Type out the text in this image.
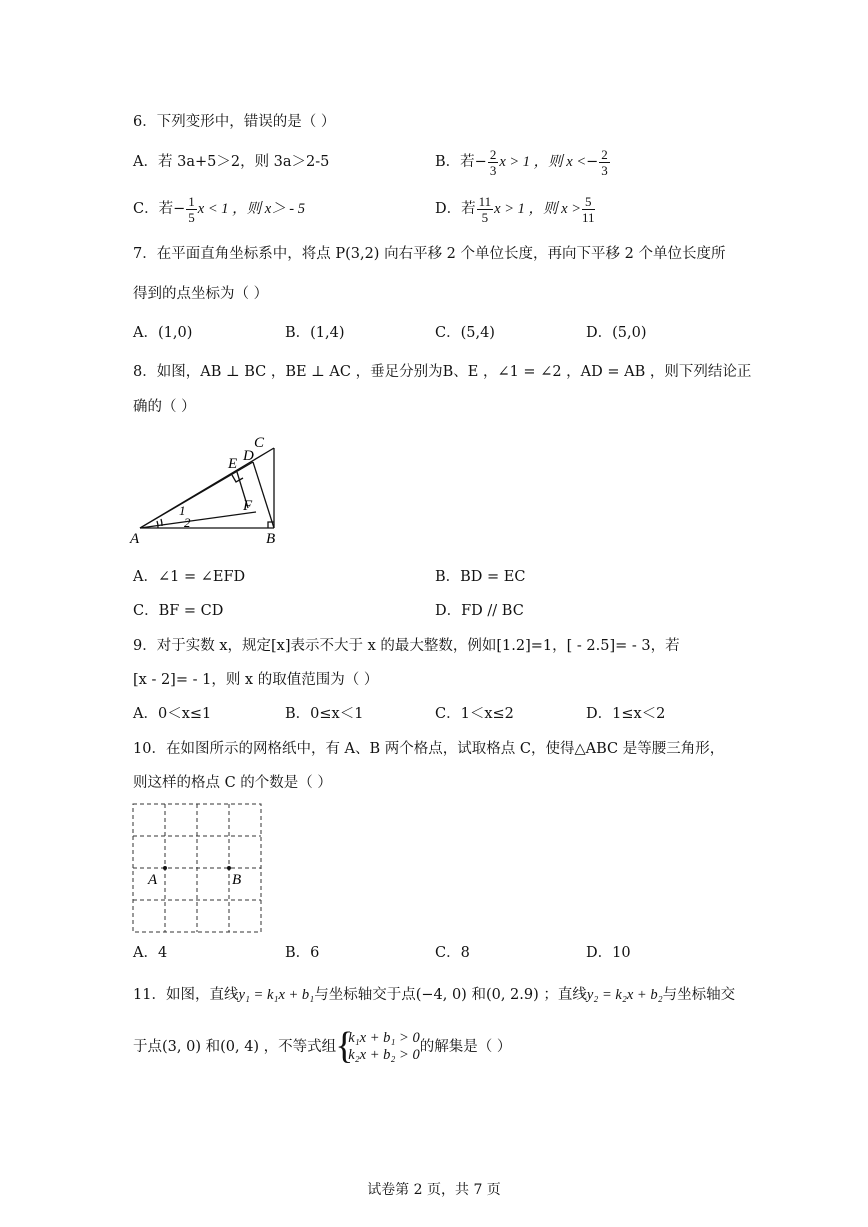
6．下列变形中，错误的是（ ）
A．若 3a+5＞2，则 3a＞2-5	B．若− $\frac{2}{3}$ x > 1 ，则 $x <- \frac{2}{3}$
C．若− $\frac{1}{5}$ x < 1 ，则 x＞ - 5	D．若 $\frac{11}{5}$ x > 1 ，则 $x > \frac{5}{11}$
7．在平面直角坐标系中，将点 P(3,2) 向右平移 2 个单位长度，再向下平移 2 个单位长度所
得到的点坐标为（ ）
A．(1,0)	B．(1,4)	C．(5,4)	D．(5,0)
8．如图，AB ⊥ BC ，BE ⊥ AC ，垂足分别为B、E ，∠1 = ∠2 ，AD = AB ，则下列结论正
确的（ ）
C
D
E
F
1
2
A	B
A．∠1 = ∠EFD	B．BD = EC
C．BF = CD	D．FD // BC
9．对于实数 x，规定[x]表示不大于 x 的最大整数，例如[1.2]=1，[ - 2.5]= - 3，若
[x - 2]= - 1，则 x 的取值范围为（ ）
A．0＜x≤1	B．0≤x＜1	C．1＜x≤2	D．1≤x＜2
10．在如图所示的网格纸中，有 A、B 两个格点，试取格点 C，使得△ABC 是等腰三角形，
则这样的格点 C 的个数是（ ）
A	B
A．4	B．6	C．8	D．10
11．如图，直线y₁ = k₁x + b₁与坐标轴交于点(−4, 0) 和(0, 2.9) ；直线y₂ = k₂x + b₂与坐标轴交
于点(3, 0) 和(0, 4) ，不等式组
{ k₁x + b₁ > 0
k₂x + b₂ > 0 的解集是（ ）
试卷第 2 页，共 7 页
